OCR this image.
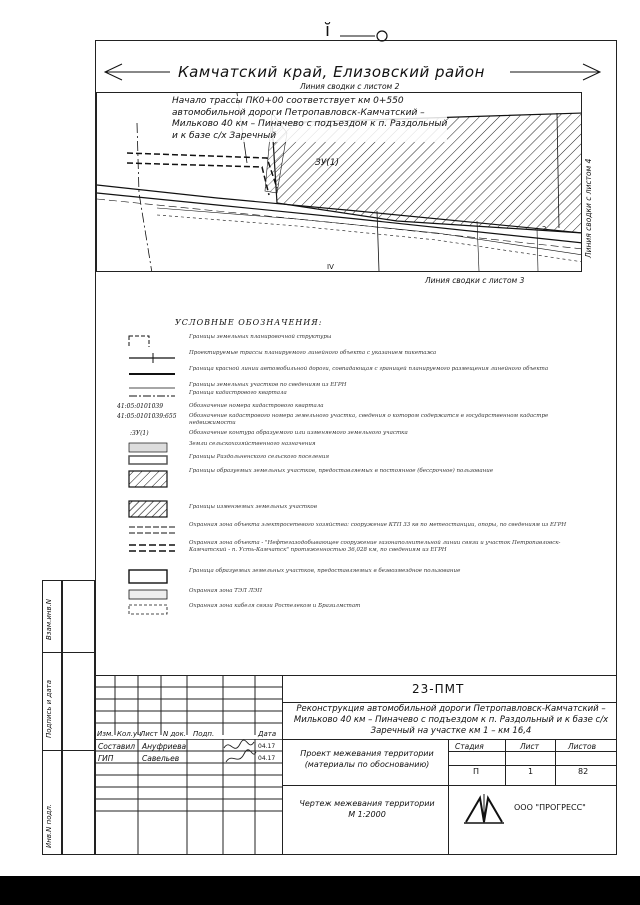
ĭ
Камчатский край, Елизовский район
Линия сводки с листом 2
ЗУ(1)
IV
2
Начало трассы ПК0+00 соответствует км 0+550
автомобильной дороги Петропавловск-Камчатский –
Мильково 40 км – Пиначево с подъездом к п. Раздольный
и к базе с/х Заречный
Линия сводки с листом 4
Линия сводки с листом 3
УСЛОВНЫЕ ОБОЗНАЧЕНИЯ:
Границы земельных планировочной структуры
Проектируемые трассы планируемого линейного объекта с указанием пикетажа
Граница красной линии автомобильной дороги, совпадающая с границей планируемого размещения линейного объекта
Границы земельных участков по сведениям из ЕГРН
Граница кадастрового квартала
41:05:0101039	Обозначение номера кадастрового квартала
41:05:0101039:655 Обозначение кадастрового номера земельного участка, сведения о котором содержатся в государственном кадастре недвижимости
:ЗУ(1)	Обозначение контура образуемого или изменяемого земельного участка
Земли сельскохозяйственного назначения
Границы Раздольненского сельского поселения
Границы образуемых земельных участков, предоставляемых в постоянное (бессрочное) пользование
Границы изменяемых земельных участков
Охранная зона объекта электросетевого хозяйства: сооружение КТП 33 кв по метеостанции, опоры, по сведениям из ЕГРН
Охранная зона объекта - "Нефтегазодобывающее сооружение газонаполнительной линии связи и участок Петропавловск-Камчатский - п. Усть-Камчатск" протяженностью 36,028 км, по сведениям из ЕГРН
Граница образуемых земельных участков, предоставляемых в безвозмездное пользование
Охранная зона ТЭЛ ЛЭП
Охранная зона кабеля связи Ростелеком и Бразилмстат
Взам.инв.N
Подпись и дата
Инв.N подл.
Изм. Кол.уч
Лист N док. Подп.	Дата
Составил Ануфриева	04.17
ГИП	Савельев	04.17
23-ПМТ
Реконструкция автомобильной дороги Петропавловск-Камчатский – Мильково 40 км – Пиначево с подъездом к п. Раздольный и к базе с/х Заречный на участке км 1 – км 16,4
Проект межевания территории
(материалы по обоснованию)
Стадия	Лист	Листов
П	1	82
Чертеж межевания территории
М 1:2000
ООО "ПРОГРЕСС"
